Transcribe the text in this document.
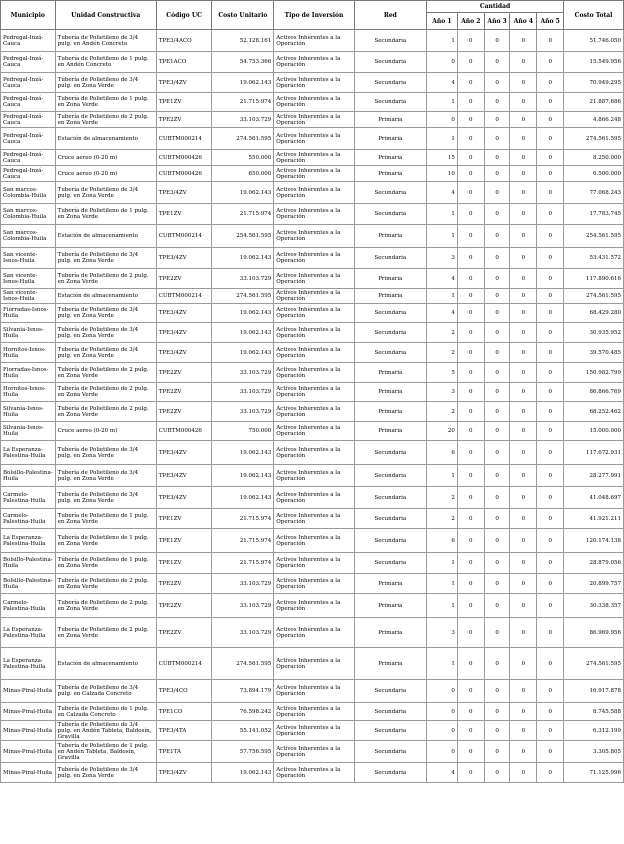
Municipio	Unidad Constructiva	Código UC	Costo Unitario	Tipo de Inversión	Red	Cantidad					Costo Total
						Año 1	Año 2	Año 3	Año 4	Año 5	
Pedregal-Inzá-Cauca	Tubería de Polietileno de 3/4 pulg. en Andén Concreto	TPE3/4ACO	52.128.161	Activos Inherentes a la Operación	Secundaria	1	0	0	0	0	51.746.050
Pedregal-Inzá-Cauca	Tubería de Polietileno de 1 pulg. en Andén Concreto	TPE1ACO	54.753.366	Activos Inherentes a la Operación	Secundaria	0	0	0	0	0	15.549.956
Pedregal-Inzá-Cauca	Tubería de Polietileno de 3/4 pulg. en Zona Verde	TPE3/4ZV	19.062.143	Activos Inherentes a la Operación	Secundaria	4	0	0	0	0	70.949.295
Pedregal-Inzá-Cauca	Tubería de Polietileno de 1 pulg. en Zona Verde	TPE1ZV	21.715.974	Activos Inherentes a la Operación	Secundaria	1	0	0	0	0	21.887.686
Pedregal-Inzá-Cauca	Tubería de Polietileno de 2 pulg. en Zona Verde	TPE2ZV	33.103.729	Activos Inherentes a la Operación	Primaria	0	0	0	0	0	4.866.248
Pedregal-Inzá-Cauca	Estación de almacenamiento	CUBTM000214	274.561.595	Activos Inherentes a la Operación	Primaria	1	0	0	0	0	274.561.595
Pedregal-Inzá-Cauca	Cruce aereo (0-20 m)	CUBTM000426	550.000	Activos Inherentes a la Operación	Primaria	15	0	0	0	0	8.250.000
Pedregal-Inzá-Cauca	Cruce aereo (0-20 m)	CUBTM000426	650.000	Activos Inherentes a la Operación	Primaria	10	0	0	0	0	6.500.000
San marcos-Colombia-Huila	Tubería de Polietileno de 3/4 pulg. en Zona Verde	TPE3/4ZV	19.062.143	Activos Inherentes a la Operación	Secundaria	4	0	0	0	0	77.068.243
San marcos-Colombia-Huila	Tubería de Polietileno de 1 pulg. en Zona Verde	TPE1ZV	21.715.974	Activos Inherentes a la Operación	Secundaria	1	0	0	0	0	17.783.745
San marcos-Colombia-Huila	Estación de almacenamiento	CUBTM000214	254.561.595	Activos Inherentes a la Operación	Primaria	1	0	0	0	0	254.561.595
San vicente-Isnos-Huila	Tubería de Polietileno de 3/4 pulg. en Zona Verde	TPE3/4ZV	19.062.143	Activos Inherentes a la Operación	Secundaria	3	0	0	0	0	53.431.572
San vicente-Isnos-Huila	Tubería de Polietileno de 2 pulg. en Zona Verde	TPE2ZV	33.103.729	Activos Inherentes a la Operación	Primaria	4	0	0	0	0	117.890.616
San vicente-Isnos-Huila	Estación de almacenamiento	CUBTM000214	274.561.595	Activos Inherentes a la Operación	Primaria	1	0	0	0	0	274.561.595
Fiorradas-Isnos-Huila	Tubería de Polietileno de 3/4 pulg. en Zona Verde	TPE3/4ZV	19.062.143	Activos Inherentes a la Operación	Secundaria	4	0	0	0	0	68.429.280
Silvania-Isnos-Huila	Tubería de Polietileno de 3/4 pulg. en Zona Verde	TPE3/4ZV	19.062.143	Activos Inherentes a la Operación	Secundaria	2	0	0	0	0	30.935.952
Hornitos-Isnos-Huila	Tubería de Polietileno de 3/4 pulg. en Zona Verde	TPE3/4ZV	19.062.143	Activos Inherentes a la Operación	Secundaria	2	0	0	0	0	39.570.485
Fiorradas-Isnos-Huila	Tubería de Polietileno de 2 pulg. en Zona Verde	TPE2ZV	33.103.729	Activos Inherentes a la Operación	Primaria	5	0	0	0	0	150.982.799
Hornitos-Isnos-Huila	Tubería de Polietileno de 2 pulg. en Zona Verde	TPE2ZV	33.103.729	Activos Inherentes a la Operación	Primaria	3	0	0	0	0	86.866.769
Silvania-Isnos-Huila	Tubería de Polietileno de 2 pulg. en Zona Verde	TPE2ZV	33.103.729	Activos Inherentes a la Operación	Primaria	2	0	0	0	0	68.252.462
Silvania-Isnos-Huila	Cruce aereo (0-20 m)	CUBTM000426	750.000	Activos Inherentes a la Operación	Primaria	20	0	0	0	0	15.000.000
La Esperanza-Palestina-Huila	Tubería de Polietileno de 3/4 pulg. en Zona Verde	TPE3/4ZV	19.062.143	Activos Inherentes a la Operación	Secundaria	6	0	0	0	0	117.672.931
Bolsillo-Palestina-Huila	Tubería de Polietileno de 3/4 pulg. en Zona Verde	TPE3/4ZV	19.062.143	Activos Inherentes a la Operación	Secundaria	1	0	0	0	0	28.277.991
Carmelo-Palestina-Huila	Tubería de Polietileno de 3/4 pulg. en Zona Verde	TPE3/4ZV	19.062.143	Activos Inherentes a la Operación	Secundaria	2	0	0	0	0	41.048.697
Carmelo-Palestina-Huila	Tubería de Polietileno de 1 pulg. en Zona Verde	TPE1ZV	21.715.974	Activos Inherentes a la Operación	Secundaria	2	0	0	0	0	41.921.211
La Esperanza-Palestina-Huila	Tubería de Polietileno de 1 pulg. en Zona Verde	TPE1ZV	21.715.974	Activos Inherentes a la Operación	Secundaria	6	0	0	0	0	120.174.138
Bolsillo-Palestina-Huila	Tubería de Polietileno de 1 pulg. en Zona Verde	TPE1ZV	21.715.974	Activos Inherentes a la Operación	Secundaria	1	0	0	0	0	28.879.056
Bolsillo-Palestina-Huila	Tubería de Polietileno de 2 pulg. en Zona Verde	TPE2ZV	33.103.729	Activos Inherentes a la Operación	Primaria	1	0	0	0	0	20.899.757
Carmelo-Palestina-Huila	Tubería de Polietileno de 2 pulg. en Zona Verde	TPE2ZV	33.103.729	Activos Inherentes a la Operación	Primaria	1	0	0	0	0	30.338.357
La Esperanza-Palestina-Huila	Tubería de Polietileno de 2 pulg. en Zona Verde	TPE2ZV	33.103.729	Activos Inherentes a la Operación	Primaria	3	0	0	0	0	86.969.956
La Esperanza-Palestina-Huila	Estación de almacenamiento	CUBTM000214	274.561.595	Activos Inherentes a la Operación	Primaria	1	0	0	0	0	274.561.595
Minas-Piral-Huila	Tubería de Polietileno de 3/4 pulg. en Calzada Concreto	TPE3/4CO	73.894.179	Activos Inherentes a la Operación	Secundaria	0	0	0	0	0	16.917.878
Minas-Piral-Huila	Tubería de Polietileno de 1 pulg. en Calzada Concreto	TPE1CO	76.598.242	Activos Inherentes a la Operación	Secundaria	0	0	0	0	0	8.745.588
Minas-Piral-Huila	Tubería de Polietileno de 3/4 pulg. en Andén Tableta, Baldosín, Gravilla	TPE3/4TA	55.141.052	Activos Inherentes a la Operación	Secundaria	0	0	0	0	0	6.312.199
Minas-Piral-Huila	Tubería de Polietileno de 1 pulg. en Andén Tableta, Baldosín, Gravilla	TPE1TA	57.756.595	Activos Inherentes a la Operación	Secundaria	0	0	0	0	0	3.305.805
Minas-Piral-Huila	Tubería de Polietileno de 3/4 pulg. en Zona Verde	TPE3/4ZV	19.062.143	Activos Inherentes a la Operación	Secundaria	4	0	0	0	0	71.125.996
